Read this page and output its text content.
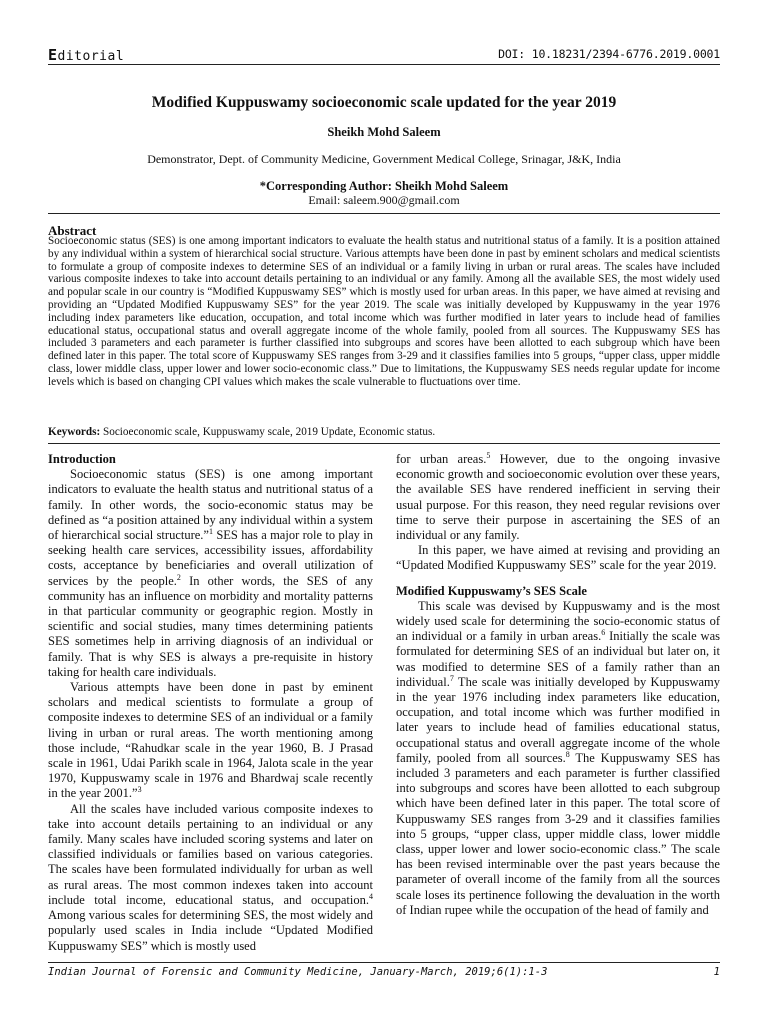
Editorial	DOI: 10.18231/2394-6776.2019.0001
Modified Kuppuswamy socioeconomic scale updated for the year 2019
Sheikh Mohd Saleem
Demonstrator, Dept. of Community Medicine, Government Medical College, Srinagar, J&K, India
*Corresponding Author: Sheikh Mohd Saleem
Email: saleem.900@gmail.com
Abstract
Socioeconomic status (SES) is one among important indicators to evaluate the health status and nutritional status of a family. It is a position attained by any individual within a system of hierarchical social structure. Various attempts have been done in past by eminent scholars and medical scientists to formulate a group of composite indexes to determine SES of an individual or a family living in urban or rural areas. The scales have included various composite indexes to take into account details pertaining to an individual or any family. Among all the available SES, the most widely used and popular scale in our country is “Modified Kuppuswamy SES” which is mostly used for urban areas. In this paper, we have aimed at revising and providing an “Updated Modified Kuppuswamy SES” for the year 2019. The scale was initially developed by Kuppuswamy in the year 1976 including index parameters like education, occupation, and total income which was further modified in later years to include head of families educational status, occupational status and overall aggregate income of the whole family, pooled from all sources. The Kuppuswamy SES has included 3 parameters and each parameter is further classified into subgroups and scores have been allotted to each subgroup which have been defined later in this paper. The total score of Kuppuswamy SES ranges from 3-29 and it classifies families into 5 groups, “upper class, upper middle class, lower middle class, upper lower and lower socio-economic class.” Due to limitations, the Kuppuswamy SES needs regular update for income levels which is based on changing CPI values which makes the scale vulnerable to fluctuations over time.
Keywords: Socioeconomic scale, Kuppuswamy scale, 2019 Update, Economic status.

Introduction

Socioeconomic status (SES) is one among important indicators to evaluate the health status and nutritional status of a family. In other words, the socio-economic status may be defined as “a position attained by any individual within a system of hierarchical social structure.”$^1$ SES has a major role to play in seeking health care services, accessibility issues, affordability costs, acceptance by beneficiaries and overall utilization of services by the people.$^2$ In other words, the SES of any community has an influence on morbidity and mortality patterns in that particular community or geographic region. Mostly in scientific and social studies, many times determining patients SES sometimes help in arriving diagnosis of an individual or family. That is why SES is always a pre-requisite in history taking for health care individuals.

Various attempts have been done in past by eminent scholars and medical scientists to formulate a group of composite indexes to determine SES of an individual or a family living in urban or rural areas. The worth mentioning among those include, “Rahudkar scale in the year 1960, B. J Prasad scale in 1961, Udai Parikh scale in 1964, Jalota scale in the year 1970, Kuppuswamy scale in 1976 and Bhardwaj scale recently in the year 2001.”$^3$

All the scales have included various composite indexes to take into account details pertaining to an individual or any family. Many scales have included scoring systems and later on classified individuals or families based on various categories. The scales have been formulated individually for urban as well as rural areas. The most common indexes taken into account include total income, educational status, and occupation.$^4$ Among various scales for determining SES, the most widely and popularly used scales in India include “Updated Modified Kuppuswamy SES” which is mostly used

for urban areas.$^5$ However, due to the ongoing invasive economic growth and socioeconomic evolution over these years, the available SES have rendered inefficient in serving their usual purpose. For this reason, they need regular revisions over time to serve their purpose in ascertaining the SES of an individual or any family.

In this paper, we have aimed at revising and providing an “Updated Modified Kuppuswamy SES” scale for the year 2019.

Modified Kuppuswamy’s SES Scale

This scale was devised by Kuppuswamy and is the most widely used scale for determining the socio-economic status of an individual or a family in urban areas.$^6$ Initially the scale was formulated for determining SES of an individual but later on, it was modified to determine SES of a family rather than an individual.$^7$ The scale was initially developed by Kuppuswamy in the year 1976 including index parameters like education, occupation, and total income which was further modified in later years to include head of families educational status, occupational status and overall aggregate income of the whole family, pooled from all sources.$^8$ The Kuppuswamy SES has included 3 parameters and each parameter is further classified into subgroups and scores have been allotted to each subgroup which have been defined later in this paper. The total score of Kuppuswamy SES ranges from 3-29 and it classifies families into 5 groups, “upper class, upper middle class, lower middle class, upper lower and lower socio-economic class.” The scale has been revised interminable over the past years because the parameter of overall income of the family from all the sources scale loses its pertinence following the devaluation in the worth of Indian rupee while the occupation of the head of family and

Indian Journal of Forensic and Community Medicine, January-March, 2019;6(1):1-3	1
